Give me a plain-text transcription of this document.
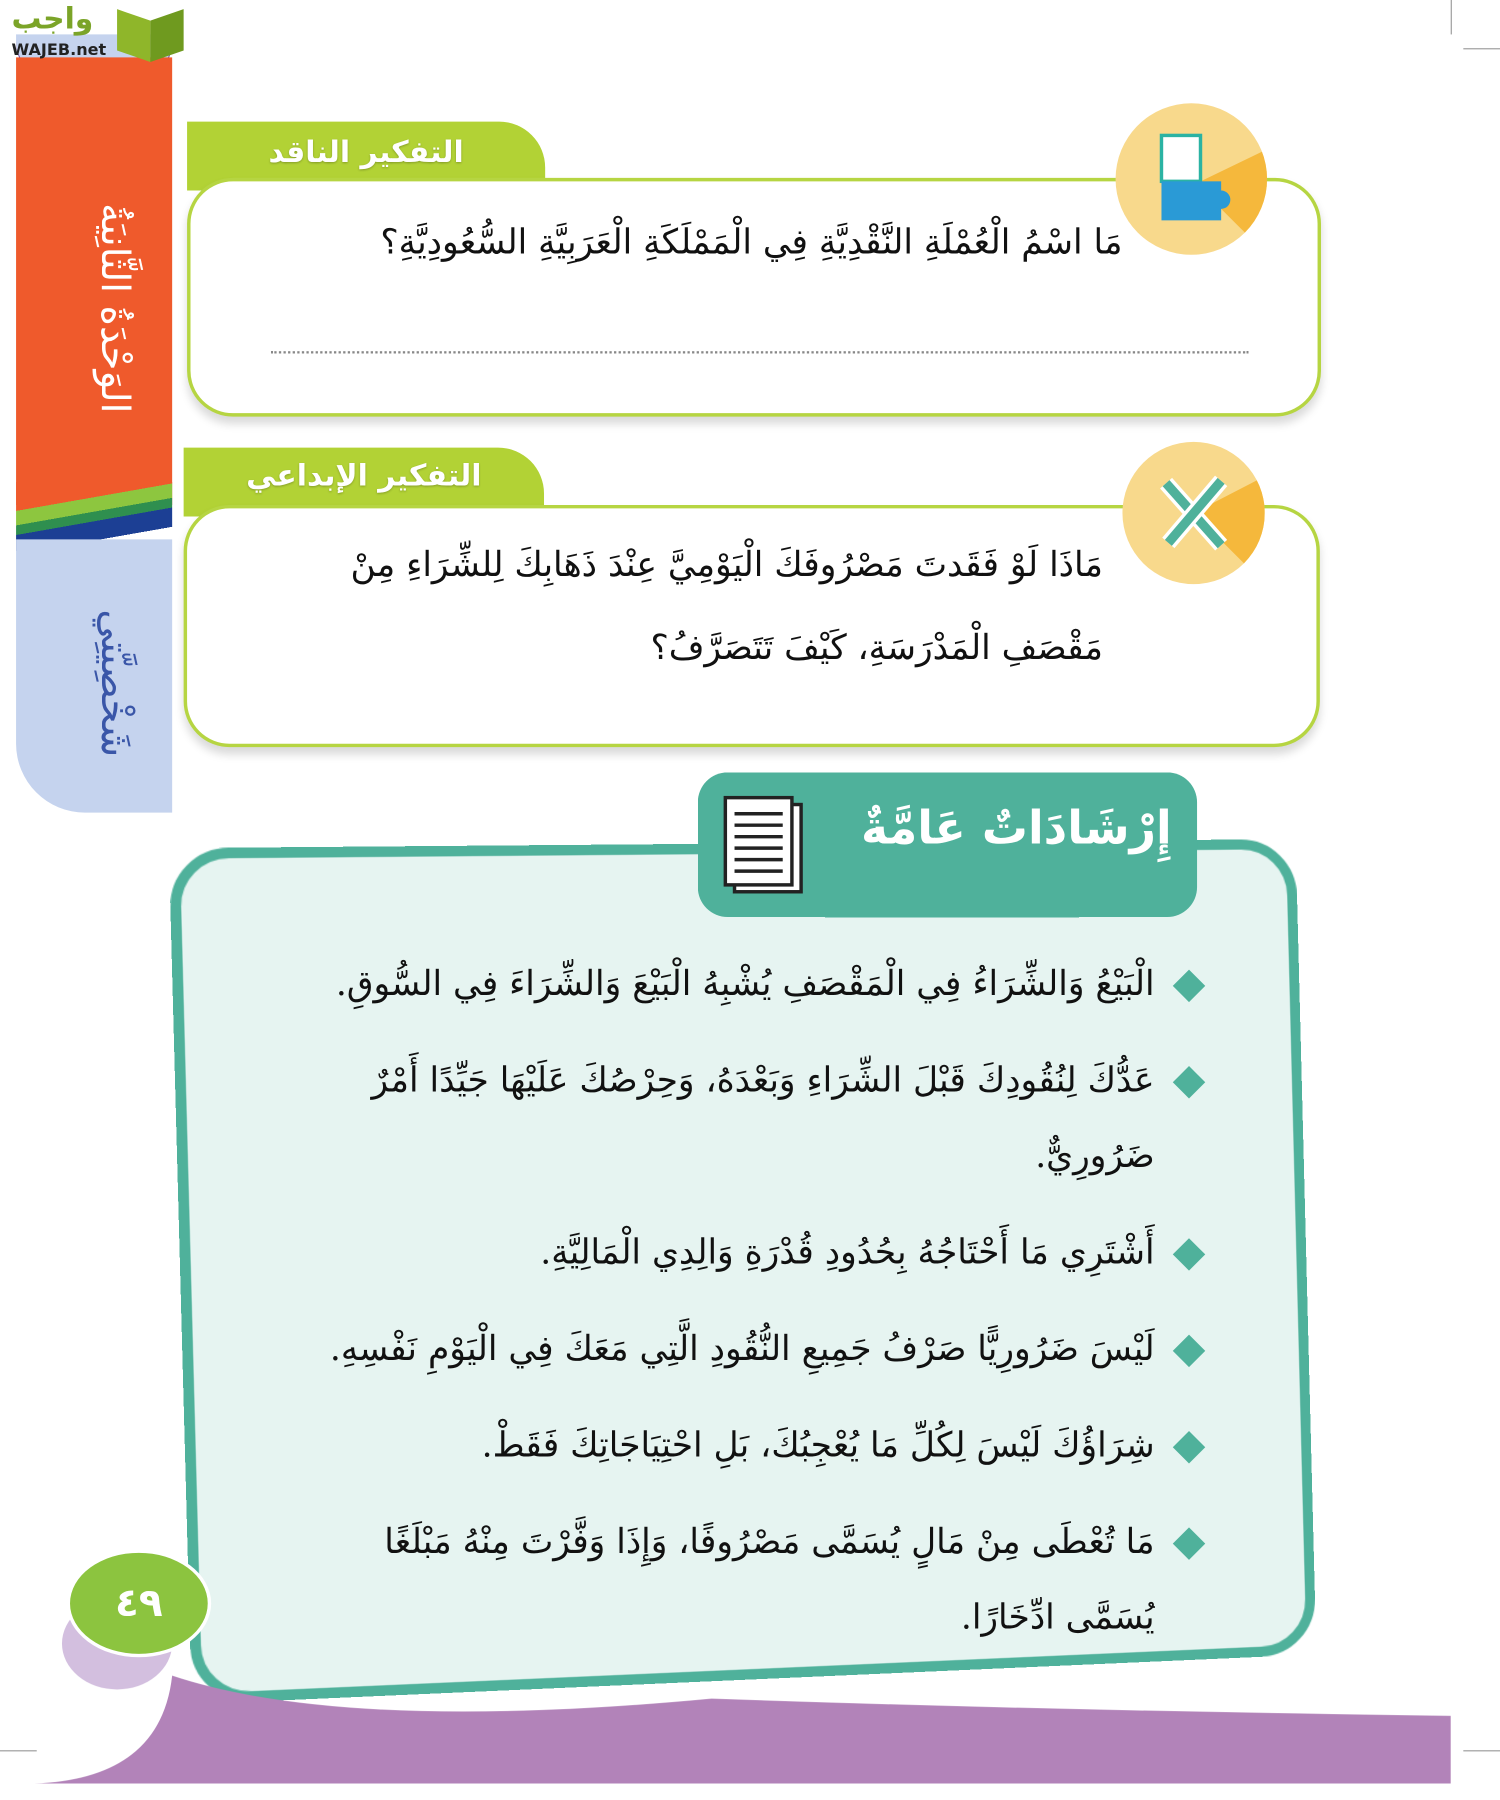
الوَحْدَةُ الثَّانِيَةُ
شَخْصِيَّتِي
واجب
WAJEB.net
التفكير الناقد
مَا اسْمُ الْعُمْلَةِ النَّقْدِيَّةِ فِي الْمَمْلَكَةِ الْعَرَبِيَّةِ السُّعُودِيَّةِ؟
التفكير الإبداعي
مَاذَا لَوْ فَقَدتَ مَصْرُوفَكَ الْيَوْمِيَّ عِنْدَ ذَهَابِكَ لِلشِّرَاءِ مِنْ مَقْصَفِ الْمَدْرَسَةِ، كَيْفَ تَتَصَرَّفُ؟
إِرْشَادَاتٌ عَامَّةٌ
الْبَيْعُ وَالشِّرَاءُ فِي الْمَقْصَفِ يُشْبِهُ الْبَيْعَ وَالشِّرَاءَ فِي السُّوقِ.
عَدُّكَ لِنُقُودِكَ قَبْلَ الشِّرَاءِ وَبَعْدَهُ، وَحِرْصُكَ عَلَيْهَا جَيِّدًا أَمْرٌ ضَرُورِيٌّ.
أَشْتَرِي مَا أَحْتَاجُهُ بِحُدُودِ قُدْرَةِ وَالِدِي الْمَالِيَّةِ.
لَيْسَ ضَرُورِيًّا صَرْفُ جَمِيعِ النُّقُودِ الَّتِي مَعَكَ فِي الْيَوْمِ نَفْسِهِ.
شِرَاؤُكَ لَيْسَ لِكُلِّ مَا يُعْجِبُكَ، بَلِ احْتِيَاجَاتِكَ فَقَطْ.
مَا تُعْطَى مِنْ مَالٍ يُسَمَّى مَصْرُوفًا، وَإِذَا وَفَّرْتَ مِنْهُ مَبْلَغًا يُسَمَّى ادِّخَارًا.
٤٩
